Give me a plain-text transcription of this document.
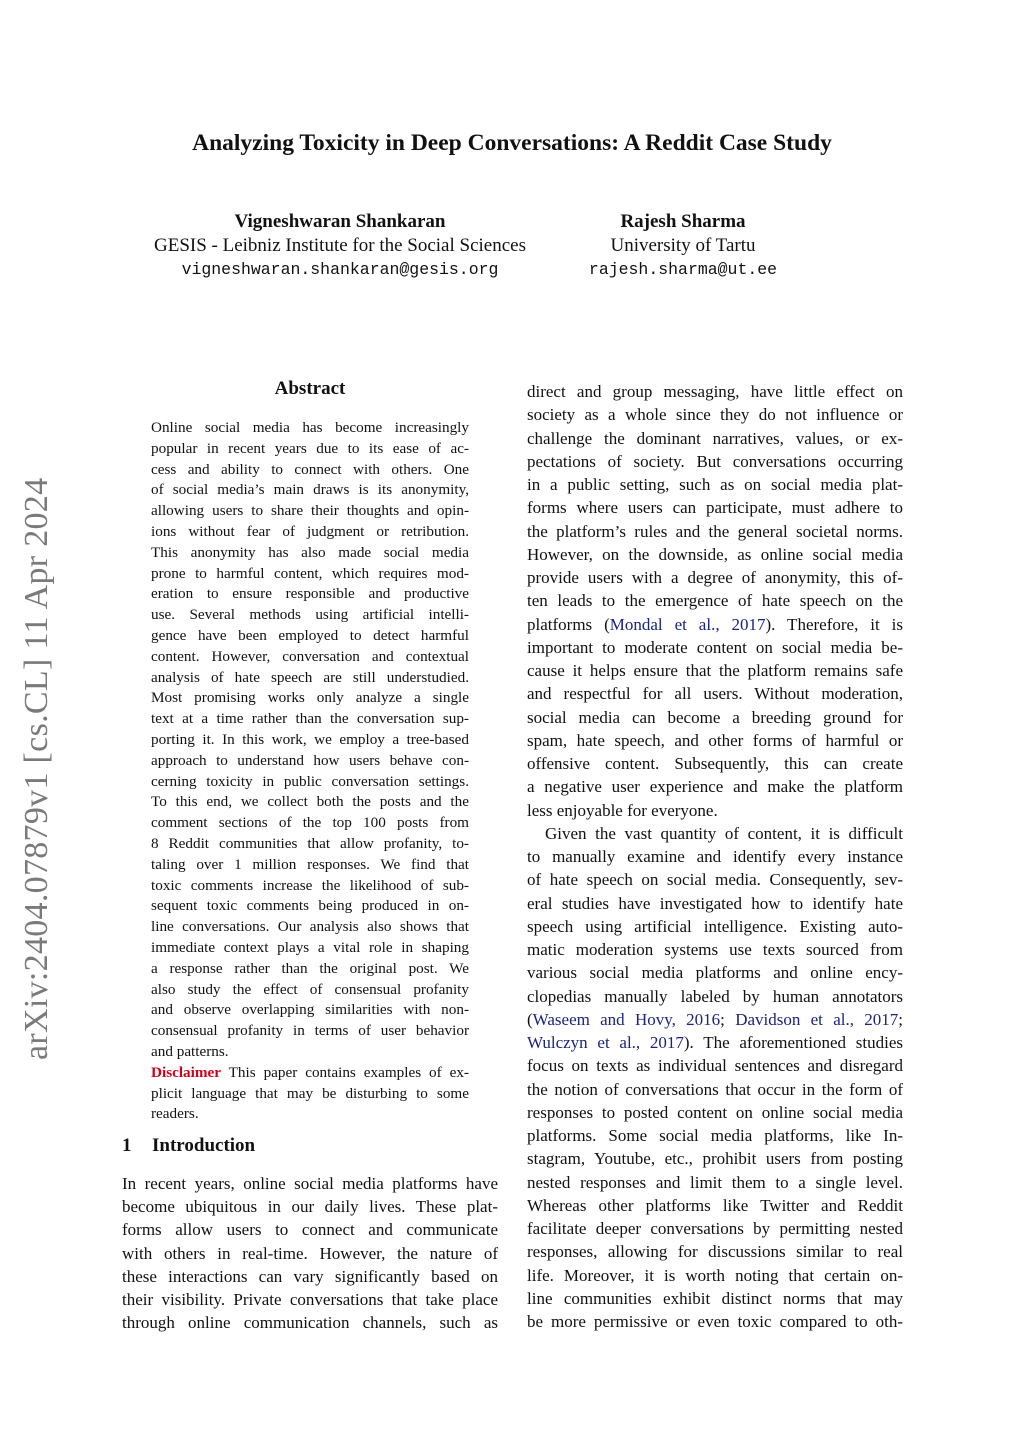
Analyzing Toxicity in Deep Conversations: A Reddit Case Study
Vigneshwaran Shankaran
GESIS - Leibniz Institute for the Social Sciences
vigneshwaran.shankaran@gesis.org
Rajesh Sharma
University of Tartu
rajesh.sharma@ut.ee
arXiv:2404.07879v1 [cs.CL] 11 Apr 2024
Abstract
Online social media has become increasingly
popular in recent years due to its ease of ac-
cess and ability to connect with others. One
of social media’s main draws is its anonymity,
allowing users to share their thoughts and opin-
ions without fear of judgment or retribution.
This anonymity has also made social media
prone to harmful content, which requires mod-
eration to ensure responsible and productive
use. Several methods using artificial intelli-
gence have been employed to detect harmful
content. However, conversation and contextual
analysis of hate speech are still understudied.
Most promising works only analyze a single
text at a time rather than the conversation sup-
porting it. In this work, we employ a tree-based
approach to understand how users behave con-
cerning toxicity in public conversation settings.
To this end, we collect both the posts and the
comment sections of the top 100 posts from
8 Reddit communities that allow profanity, to-
taling over 1 million responses. We find that
toxic comments increase the likelihood of sub-
sequent toxic comments being produced in on-
line conversations. Our analysis also shows that
immediate context plays a vital role in shaping
a response rather than the original post. We
also study the effect of consensual profanity
and observe overlapping similarities with non-
consensual profanity in terms of user behavior
and patterns.
Disclaimer This paper contains examples of ex-
plicit language that may be disturbing to some
readers.
1 Introduction
In recent years, online social media platforms have
become ubiquitous in our daily lives. These plat-
forms allow users to connect and communicate
with others in real-time. However, the nature of
these interactions can vary significantly based on
their visibility. Private conversations that take place
through online communication channels, such as
direct and group messaging, have little effect on
society as a whole since they do not influence or
challenge the dominant narratives, values, or ex-
pectations of society. But conversations occurring
in a public setting, such as on social media plat-
forms where users can participate, must adhere to
the platform’s rules and the general societal norms.
However, on the downside, as online social media
provide users with a degree of anonymity, this of-
ten leads to the emergence of hate speech on the
platforms (Mondal et al., 2017). Therefore, it is
important to moderate content on social media be-
cause it helps ensure that the platform remains safe
and respectful for all users. Without moderation,
social media can become a breeding ground for
spam, hate speech, and other forms of harmful or
offensive content. Subsequently, this can create
a negative user experience and make the platform
less enjoyable for everyone.
Given the vast quantity of content, it is difficult
to manually examine and identify every instance
of hate speech on social media. Consequently, sev-
eral studies have investigated how to identify hate
speech using artificial intelligence. Existing auto-
matic moderation systems use texts sourced from
various social media platforms and online ency-
clopedias manually labeled by human annotators
(Waseem and Hovy, 2016; Davidson et al., 2017;
Wulczyn et al., 2017). The aforementioned studies
focus on texts as individual sentences and disregard
the notion of conversations that occur in the form of
responses to posted content on online social media
platforms. Some social media platforms, like In-
stagram, Youtube, etc., prohibit users from posting
nested responses and limit them to a single level.
Whereas other platforms like Twitter and Reddit
facilitate deeper conversations by permitting nested
responses, allowing for discussions similar to real
life. Moreover, it is worth noting that certain on-
line communities exhibit distinct norms that may
be more permissive or even toxic compared to oth-
